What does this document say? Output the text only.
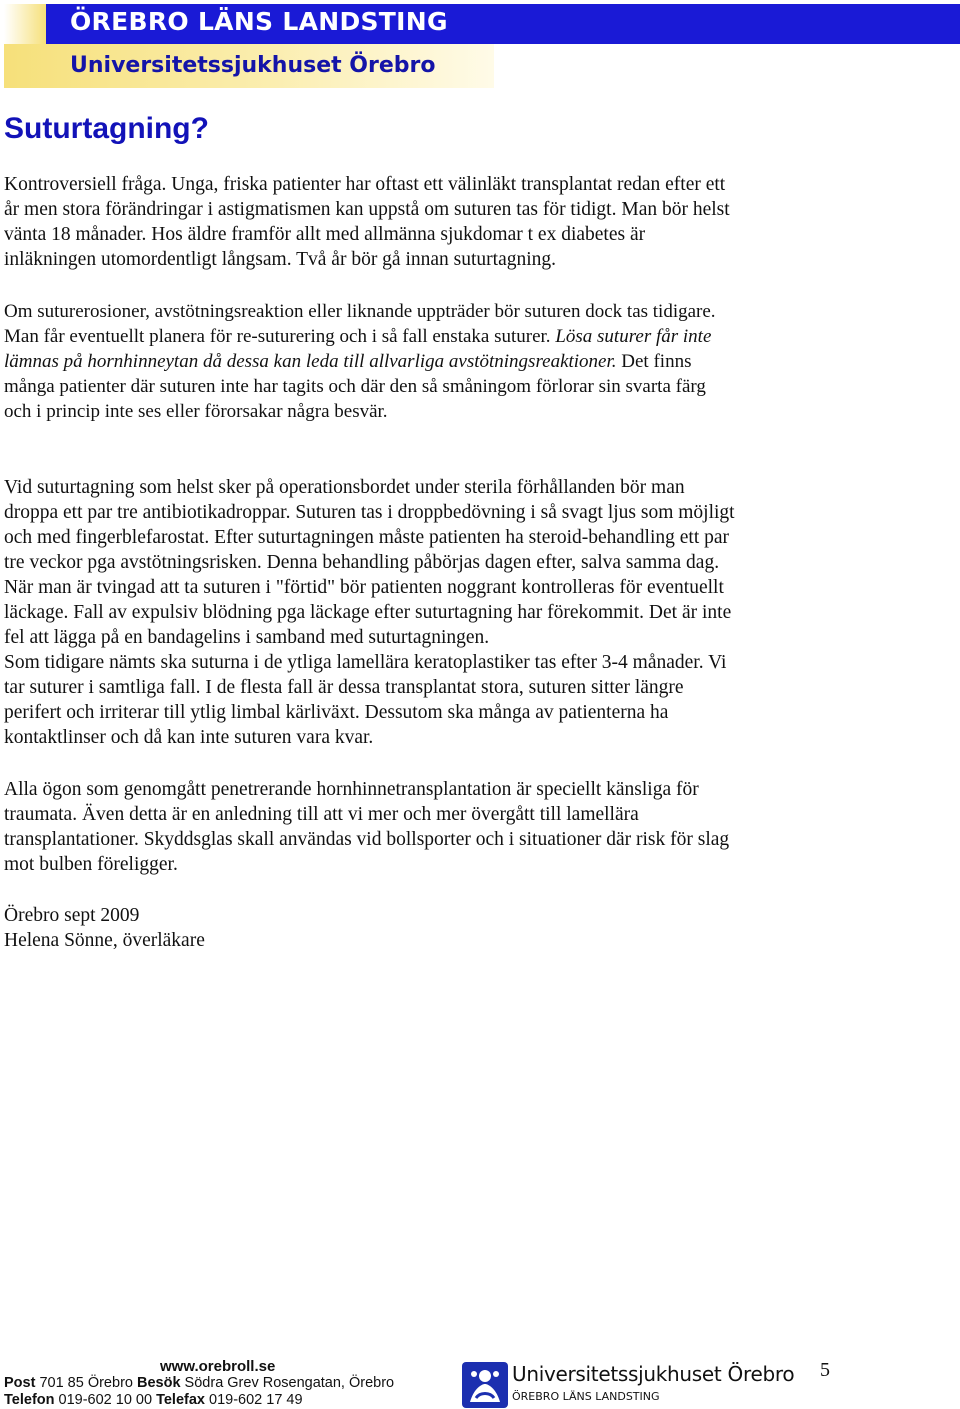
ÖREBRO LÄNS LANDSTING
Universitetssjukhuset Örebro
Suturtagning?

Kontroversiell fråga. Unga, friska patienter har oftast ett välinläkt transplantat redan efter ett
år men stora förändringar i astigmatismen kan uppstå om suturen tas för tidigt. Man bör helst
vänta 18 månader. Hos äldre framför allt med allmänna sjukdomar t ex diabetes är
inläkningen utomordentligt långsam. Två år bör gå innan suturtagning.

Om suturerosioner, avstötningsreaktion eller liknande uppträder bör suturen dock tas tidigare.
Man får eventuellt planera för re-suturering och i så fall enstaka suturer. Lösa suturer får inte
lämnas på hornhinneytan då dessa kan leda till allvarliga avstötningsreaktioner. Det finns
många patienter där suturen inte har tagits och där den så småningom förlorar sin svarta färg
och i princip inte ses eller förorsakar några besvär.

Vid suturtagning som helst sker på operationsbordet under sterila förhållanden bör man
droppa ett par tre antibiotikadroppar. Suturen tas i droppbedövning i så svagt ljus som möjligt
och med fingerblefarostat. Efter suturtagningen måste patienten ha steroid-behandling ett par
tre veckor pga avstötningsrisken. Denna behandling påbörjas dagen efter, salva samma dag.
När man är tvingad att ta suturen i "förtid" bör patienten noggrant kontrolleras för eventuellt
läckage. Fall av expulsiv blödning pga läckage efter suturtagning har förekommit. Det är inte
fel att lägga på en bandagelins i samband med suturtagningen.
Som tidigare nämts ska suturna i de ytliga lamellära keratoplastiker tas efter 3-4 månader. Vi
tar suturer i samtliga fall. I de flesta fall är dessa transplantat stora, suturen sitter längre
perifert och irriterar till ytlig limbal kärliväxt. Dessutom ska många av patienterna ha
kontaktlinser och då kan inte suturen vara kvar.

Alla ögon som genomgått penetrerande hornhinnetransplantation är speciellt känsliga för
traumata. Även detta är en anledning till att vi mer och mer övergått till lamellära
transplantationer. Skyddsglas skall användas vid bollsporter och i situationer där risk för slag
mot bulben föreligger.

Örebro sept 2009
Helena Sönne, överläkare

www.orebroll.se
Post 701 85 Örebro Besök Södra Grev Rosengatan, Örebro
Telefon 019-602 10 00 Telefax 019-602 17 49
Universitetssjukhuset Örebro
ÖREBRO LÄNS LANDSTING
5
